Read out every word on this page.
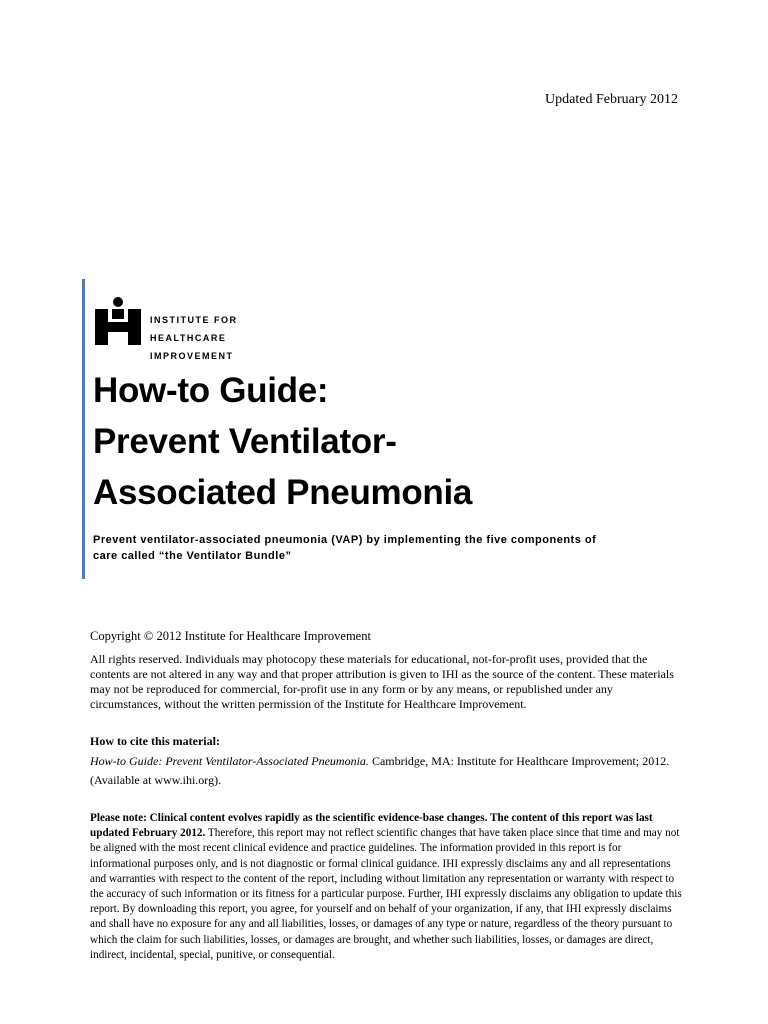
Updated February 2012
INSTITUTE FOR
HEALTHCARE
IMPROVEMENT
How-to Guide:
Prevent Ventilator-
Associated Pneumonia
Prevent ventilator-associated pneumonia (VAP) by implementing the five components of care called “the Ventilator Bundle”
Copyright © 2012 Institute for Healthcare Improvement
All rights reserved. Individuals may photocopy these materials for educational, not-for-profit uses, provided that the contents are not altered in any way and that proper attribution is given to IHI as the source of the content. These materials may not be reproduced for commercial, for-profit use in any form or by any means, or republished under any circumstances, without the written permission of the Institute for Healthcare Improvement.
How to cite this material:
How-to Guide: Prevent Ventilator-Associated Pneumonia. Cambridge, MA: Institute for Healthcare Improvement; 2012. (Available at www.ihi.org).
Please note: Clinical content evolves rapidly as the scientific evidence-base changes. The content of this report was last updated February 2012. Therefore, this report may not reflect scientific changes that have taken place since that time and may not be aligned with the most recent clinical evidence and practice guidelines. The information provided in this report is for informational purposes only, and is not diagnostic or formal clinical guidance. IHI expressly disclaims any and all representations and warranties with respect to the content of the report, including without limitation any representation or warranty with respect to the accuracy of such information or its fitness for a particular purpose. Further, IHI expressly disclaims any obligation to update this report. By downloading this report, you agree, for yourself and on behalf of your organization, if any, that IHI expressly disclaims and shall have no exposure for any and all liabilities, losses, or damages of any type or nature, regardless of the theory pursuant to which the claim for such liabilities, losses, or damages are brought, and whether such liabilities, losses, or damages are direct, indirect, incidental, special, punitive, or consequential.
